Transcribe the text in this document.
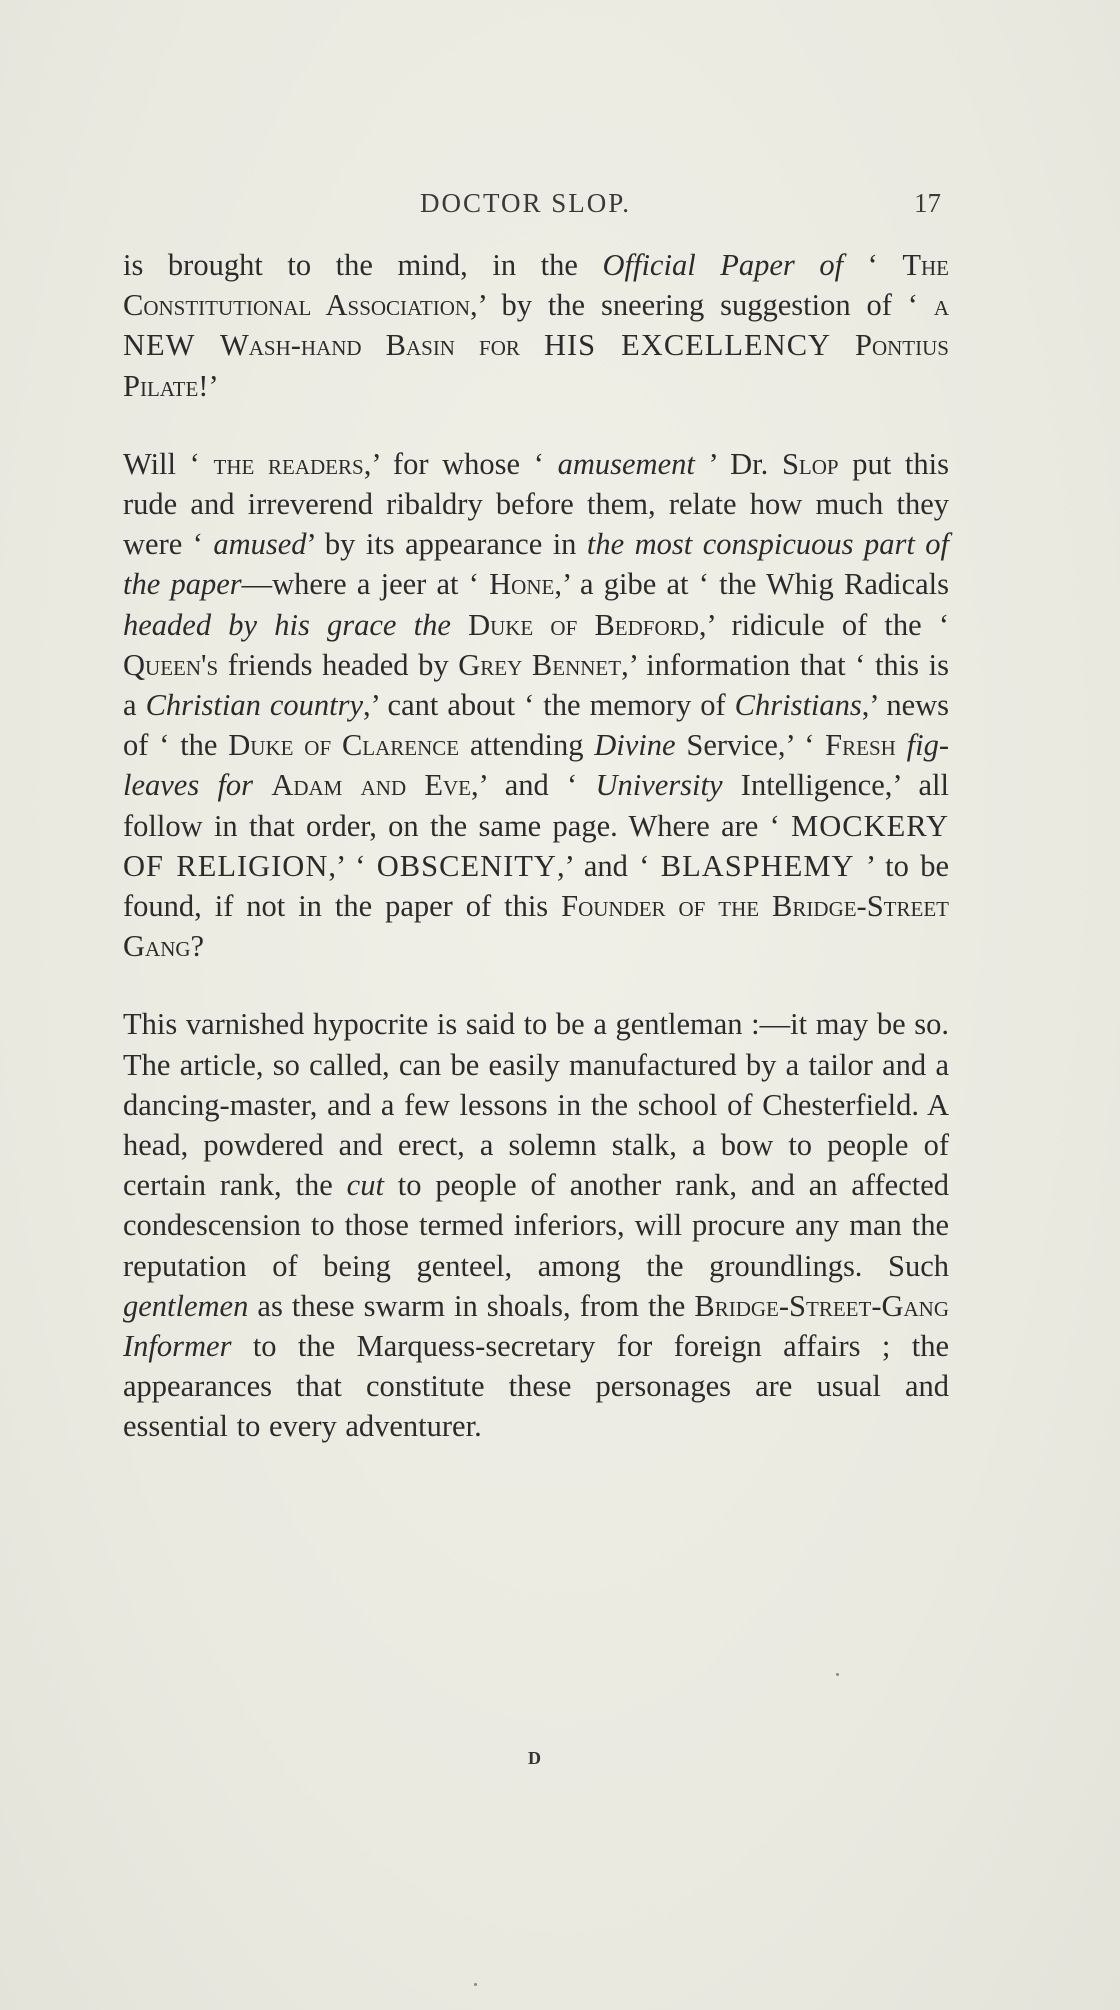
DOCTOR SLOP.	17

is brought to the mind, in the Official Paper of ‘ The Constitutional Association,’ by the sneering suggestion of ‘ a NEW Wash-hand Basin for HIS EXCELLENCY Pontius Pilate!’

Will ‘ the readers,’ for whose ‘ amusement ’ Dr. Slop put this rude and irreverend ribaldry before them, relate how much they were ‘ amused’ by its appearance in the most conspicuous part of the paper—where a jeer at ‘ Hone,’ a gibe at ‘ the Whig Radicals headed by his grace the Duke of Bedford,’ ridicule of the ‘ Queen's friends headed by Grey Bennet,’ information that ‘ this is a Christian country,’ cant about ‘ the memory of Christians,’ news of ‘ the Duke of Clarence attending Divine Service,’ ‘ Fresh fig-leaves for Adam and Eve,’ and ‘ University Intelligence,’ all follow in that order, on the same page. Where are ‘ MOCKERY OF RELIGION,’ ‘ OBSCENITY,’ and ‘ BLASPHEMY ’ to be found, if not in the paper of this Founder of the Bridge-Street Gang?

This varnished hypocrite is said to be a gentleman :—it may be so. The article, so called, can be easily manufactured by a tailor and a dancing-master, and a few lessons in the school of Chesterfield. A head, powdered and erect, a solemn stalk, a bow to people of certain rank, the cut to people of another rank, and an affected condescension to those termed inferiors, will procure any man the reputation of being genteel, among the groundlings. Such gentlemen as these swarm in shoals, from the Bridge-Street-Gang Informer to the Marquess-secretary for foreign affairs ; the appearances that constitute these personages are usual and essential to every adventurer.

D
